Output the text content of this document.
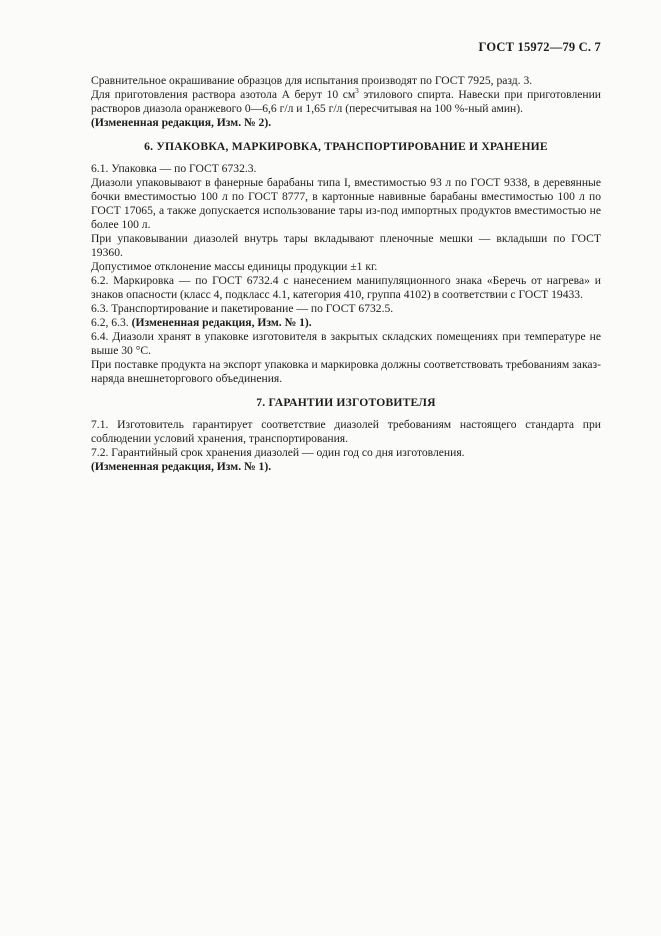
ГОСТ 15972—79 С. 7

Сравнительное окрашивание образцов для испытания производят по ГОСТ 7925, разд. 3.

Для приготовления раствора азотола А берут 10 $см^3$ этилового спирта. Навески при приготовлении растворов диазола оранжевого 0—6,6 г/л и 1,65 г/л (пересчитывая на 100 %-ный амин).

(Измененная редакция, Изм. № 2).

6. УПАКОВКА, МАРКИРОВКА, ТРАНСПОРТИРОВАНИЕ И ХРАНЕНИЕ

6.1. Упаковка — по ГОСТ 6732.3.

Диазоли упаковывают в фанерные барабаны типа I, вместимостью 93 л по ГОСТ 9338, в деревянные бочки вместимостью 100 л по ГОСТ 8777, в картонные навивные барабаны вместимостью 100 л по ГОСТ 17065, а также допускается использование тары из-под импортных продуктов вместимостью не более 100 л.

При упаковывании диазолей внутрь тары вкладывают пленочные мешки — вкладыши по ГОСТ 19360.

Допустимое отклонение массы единицы продукции ±1 кг.

6.2. Маркировка — по ГОСТ 6732.4 с нанесением манипуляционного знака «Беречь от нагрева» и знаков опасности (класс 4, подкласс 4.1, категория 410, группа 4102) в соответствии с ГОСТ 19433.

6.3. Транспортирование и пакетирование — по ГОСТ 6732.5.

6.2, 6.3. (Измененная редакция, Изм. № 1).

6.4. Диазоли хранят в упаковке изготовителя в закрытых складских помещениях при температуре не выше 30 °С.

При поставке продукта на экспорт упаковка и маркировка должны соответствовать требованиям заказ-наряда внешнеторгового объединения.

7. ГАРАНТИИ ИЗГОТОВИТЕЛЯ

7.1. Изготовитель гарантирует соответствие диазолей требованиям настоящего стандарта при соблюдении условий хранения, транспортирования.

7.2. Гарантийный срок хранения диазолей — один год со дня изготовления.

(Измененная редакция, Изм. № 1).
